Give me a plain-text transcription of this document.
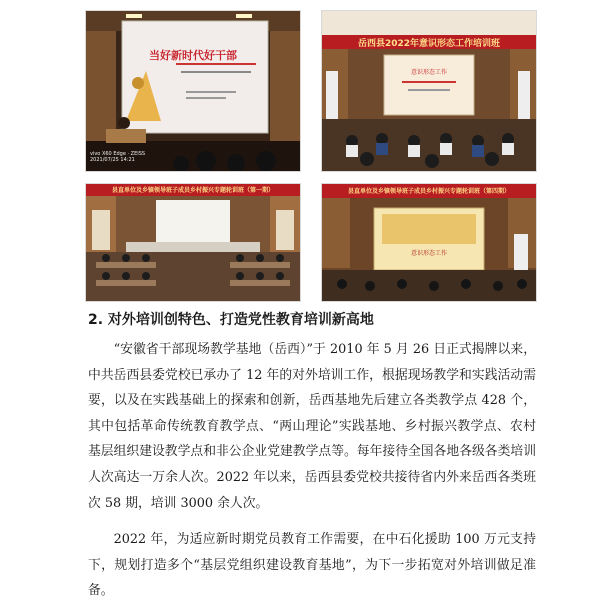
当好新时代好干部
vivo X60 Edge · ZEISS
2021/07/25 14:21
岳西县2022年意识形态工作培训班
意识形态工作
县直单位及乡镇领导班子成员乡村振兴专题轮训班（第一期）	县直单位及乡镇领导班子成员乡村振兴专题轮训班（第四期）
意识形态工作
2. 对外培训创特色、打造党性教育培训新高地

“安徽省干部现场教学基地（岳西）”于 2010 年 5 月 26 日正式揭牌以来，中共岳西县委党校已承办了 12 年的对外培训工作，根据现场教学和实践活动需要，以及在实践基础上的探索和创新，岳西基地先后建立各类教学点 428 个，其中包括革命传统教育教学点、“两山理论”实践基地、乡村振兴教学点、农村基层组织建设教学点和非公企业党建教学点等。每年接待全国各地各级各类培训人次高达一万余人次。2022 年以来，岳西县委党校共接待省内外来岳西各类班次 58 期，培训 3000 余人次。

2022 年，为适应新时期党员教育工作需要，在中石化援助 100 万元支持下，规划打造多个“基层党组织建设教育基地”，为下一步拓宽对外培训做足准备。
